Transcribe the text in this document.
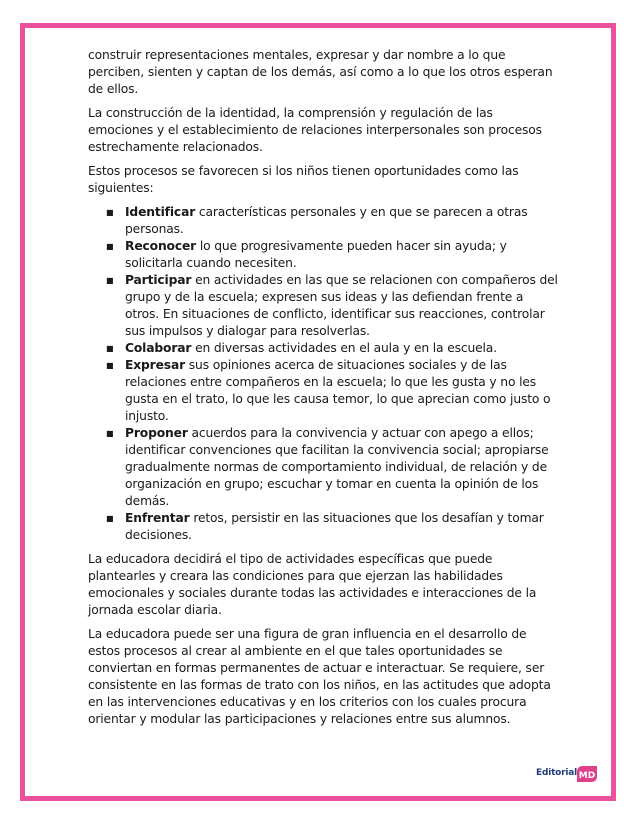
construir representaciones mentales, expresar y dar nombre a lo que perciben, sienten y captan de los demás, así como a lo que los otros esperan de ellos.

La construcción de la identidad, la comprensión y regulación de las emociones y el establecimiento de relaciones interpersonales son procesos estrechamente relacionados.

Estos procesos se favorecen si los niños tienen oportunidades como las siguientes:

■ Identificar características personales y en que se parecen a otras personas.
■ Reconocer lo que progresivamente pueden hacer sin ayuda; y solicitarla cuando necesiten.
■ Participar en actividades en las que se relacionen con compañeros del grupo y de la escuela; expresen sus ideas y las defiendan frente a otros. En situaciones de conflicto, identificar sus reacciones, controlar sus impulsos y dialogar para resolverlas.
■ Colaborar en diversas actividades en el aula y en la escuela.
■ Expresar sus opiniones acerca de situaciones sociales y de las relaciones entre compañeros en la escuela; lo que les gusta y no les gusta en el trato, lo que les causa temor, lo que aprecian como justo o injusto.
■ Proponer acuerdos para la convivencia y actuar con apego a ellos; identificar convenciones que facilitan la convivencia social; apropiarse gradualmente normas de comportamiento individual, de relación y de organización en grupo; escuchar y tomar en cuenta la opinión de los demás.
■ Enfrentar retos, persistir en las situaciones que los desafían y tomar decisiones.

La educadora decidirá el tipo de actividades específicas que puede plantearles y creara las condiciones para que ejerzan las habilidades emocionales y sociales durante todas las actividades e interacciones de la jornada escolar diaria.

La educadora puede ser una figura de gran influencia en el desarrollo de estos procesos al crear al ambiente en el que tales oportunidades se conviertan en formas permanentes de actuar e interactuar. Se requiere, ser consistente en las formas de trato con los niños, en las actitudes que adopta en las intervenciones educativas y en los criterios con los cuales procura orientar y modular las participaciones y relaciones entre sus alumnos.

Editorial MD
